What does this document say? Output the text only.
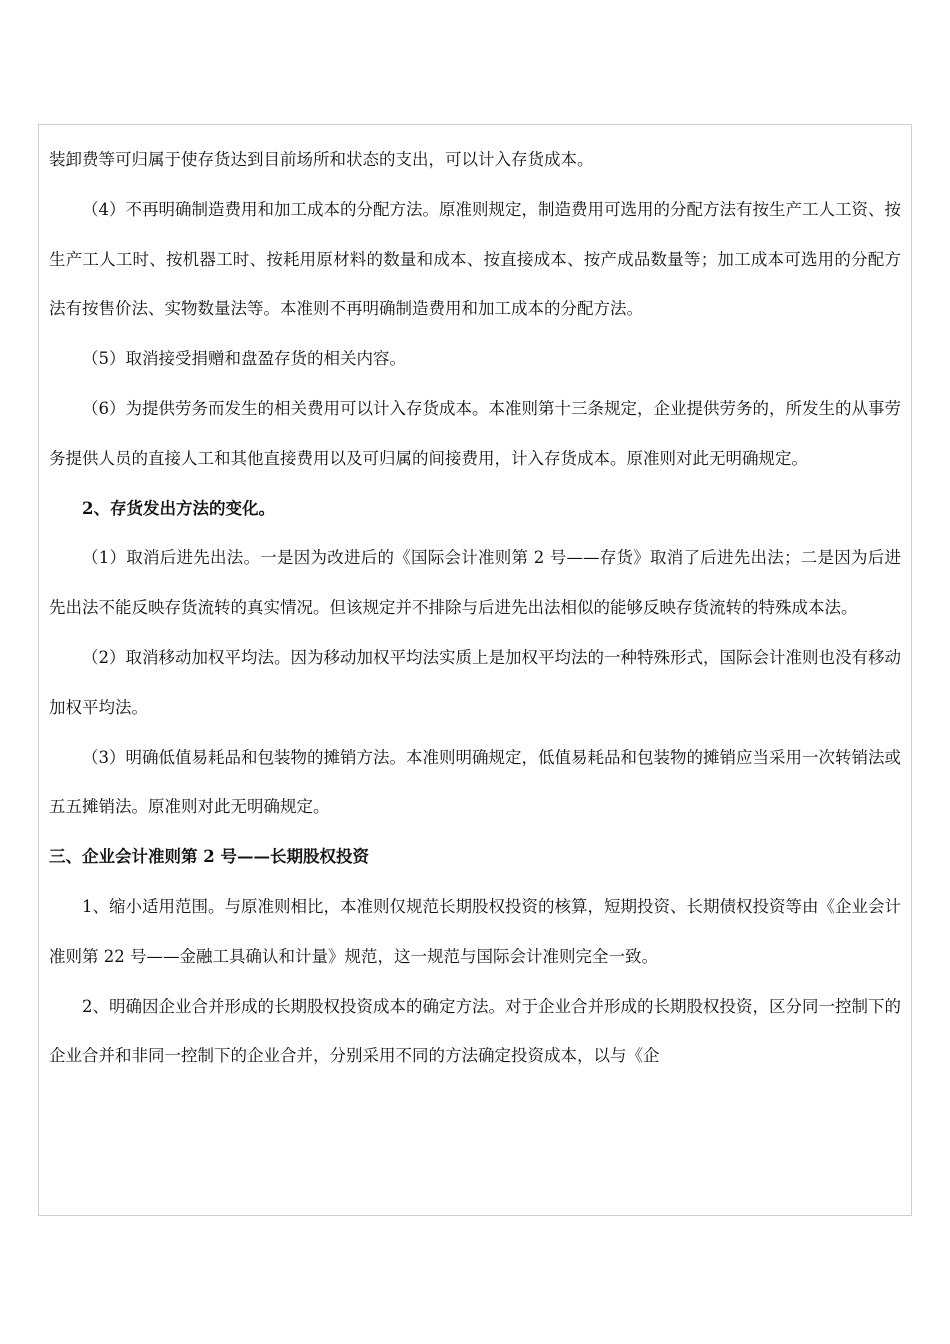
装卸费等可归属于使存货达到目前场所和状态的支出，可以计入存货成本。

（4）不再明确制造费用和加工成本的分配方法。原准则规定，制造费用可选用的分配方法有按生产工人工资、按生产工人工时、按机器工时、按耗用原材料的数量和成本、按直接成本、按产成品数量等；加工成本可选用的分配方法有按售价法、实物数量法等。本准则不再明确制造费用和加工成本的分配方法。

（5）取消接受捐赠和盘盈存货的相关内容。

（6）为提供劳务而发生的相关费用可以计入存货成本。本准则第十三条规定，企业提供劳务的，所发生的从事劳务提供人员的直接人工和其他直接费用以及可归属的间接费用，计入存货成本。原准则对此无明确规定。

2、存货发出方法的变化。

（1）取消后进先出法。一是因为改进后的《国际会计准则第 2 号——存货》取消了后进先出法；二是因为后进先出法不能反映存货流转的真实情况。但该规定并不排除与后进先出法相似的能够反映存货流转的特殊成本法。

（2）取消移动加权平均法。因为移动加权平均法实质上是加权平均法的一种特殊形式，国际会计准则也没有移动加权平均法。

（3）明确低值易耗品和包装物的摊销方法。本准则明确规定，低值易耗品和包装物的摊销应当采用一次转销法或五五摊销法。原准则对此无明确规定。

三、企业会计准则第 2 号——长期股权投资

1、缩小适用范围。与原准则相比，本准则仅规范长期股权投资的核算，短期投资、长期债权投资等由《企业会计准则第 22 号——金融工具确认和计量》规范，这一规范与国际会计准则完全一致。

2、明确因企业合并形成的长期股权投资成本的确定方法。对于企业合并形成的长期股权投资，区分同一控制下的企业合并和非同一控制下的企业合并，分别采用不同的方法确定投资成本，以与《企
